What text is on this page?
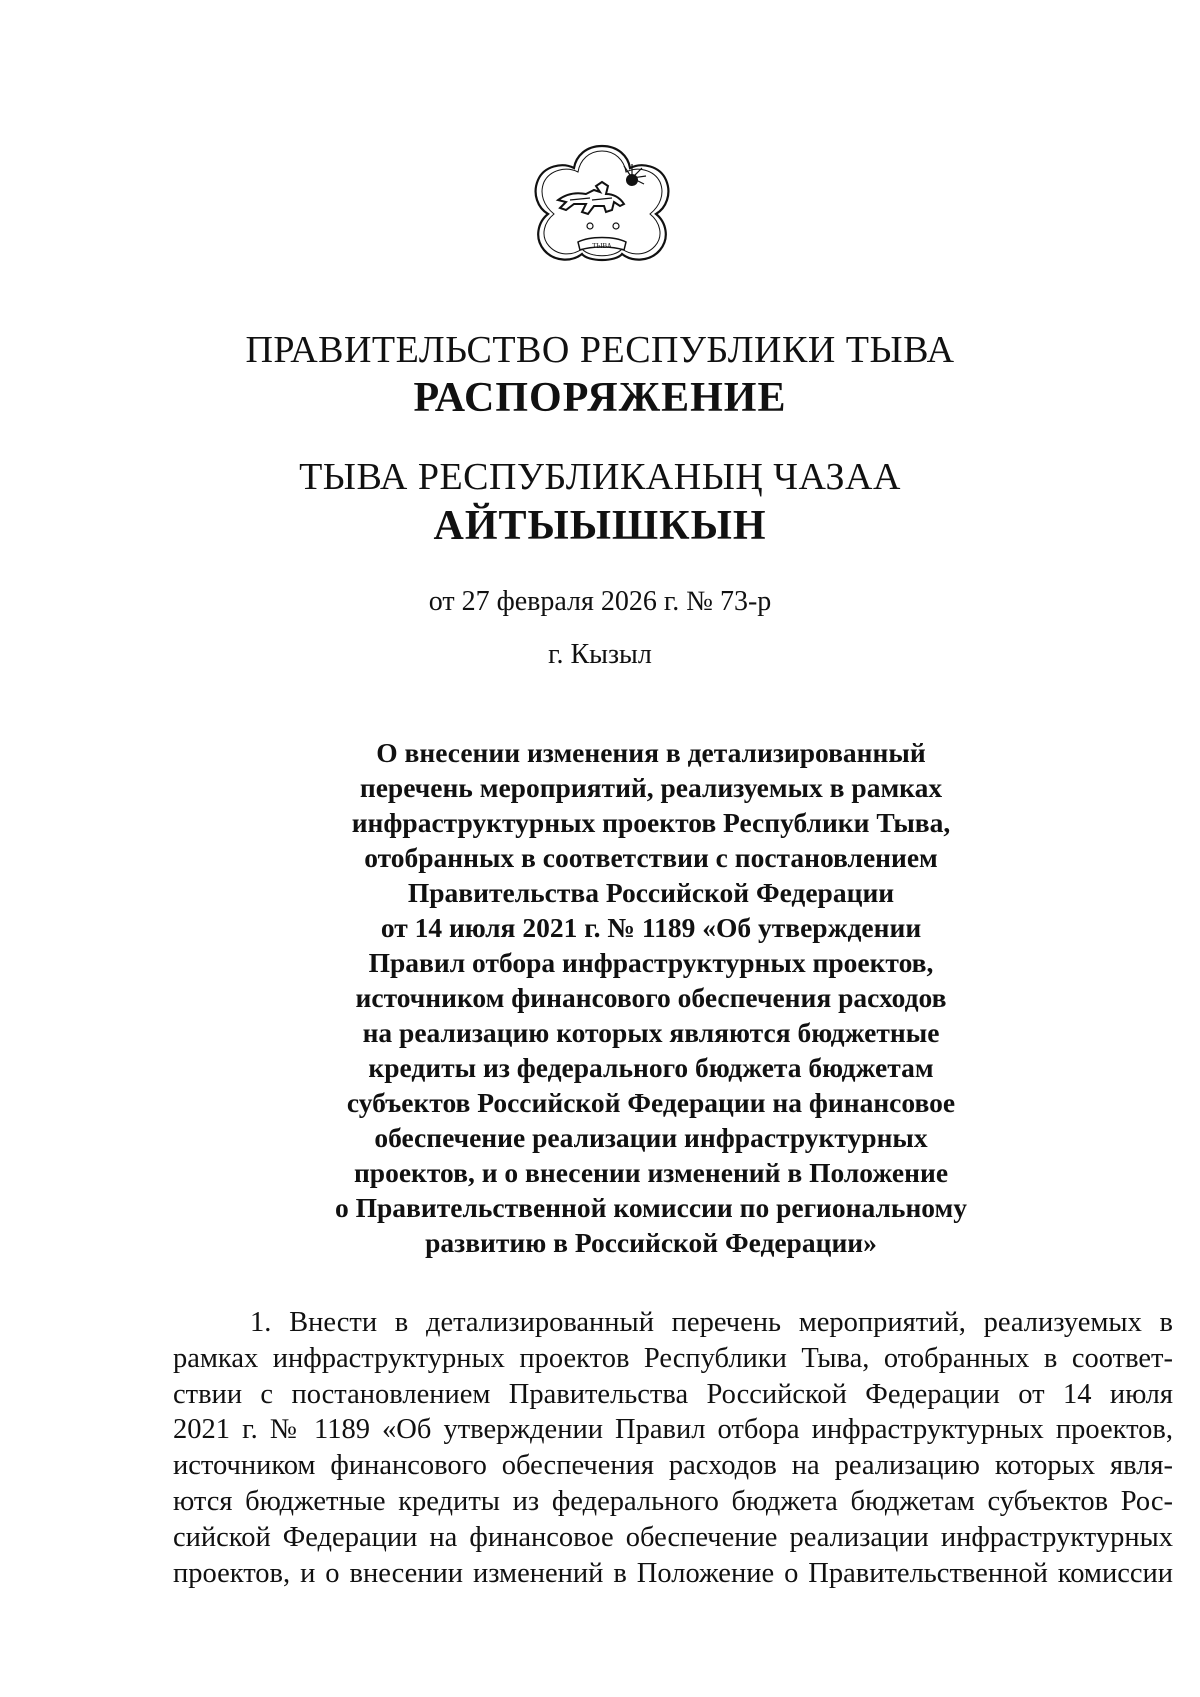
ТЫВА
ПРАВИТЕЛЬСТВО РЕСПУБЛИКИ ТЫВА
РАСПОРЯЖЕНИЕ
ТЫВА РЕСПУБЛИКАНЫҢ ЧАЗАА
АЙТЫЫШКЫН
от 27 февраля 2026 г. № 73-р
г. Кызыл
О внесении изменения в детализированный
перечень мероприятий, реализуемых в рамках
инфраструктурных проектов Республики Тыва,
отобранных в соответствии с постановлением
Правительства Российской Федерации
от 14 июля 2021 г. № 1189 «Об утверждении
Правил отбора инфраструктурных проектов,
источником финансового обеспечения расходов
на реализацию которых являются бюджетные
кредиты из федерального бюджета бюджетам
субъектов Российской Федерации на финансовое
обеспечение реализации инфраструктурных
проектов, и о внесении изменений в Положение
о Правительственной комиссии по региональному
развитию в Российской Федерации»
1. Внести в детализированный перечень мероприятий, реализуемых в
рамках инфраструктурных проектов Республики Тыва, отобранных в соответ-
ствии с постановлением Правительства Российской Федерации от 14 июля
2021 г. № 1189 «Об утверждении Правил отбора инфраструктурных проектов,
источником финансового обеспечения расходов на реализацию которых явля-
ются бюджетные кредиты из федерального бюджета бюджетам субъектов Рос-
сийской Федерации на финансовое обеспечение реализации инфраструктурных
проектов, и о внесении изменений в Положение о Правительственной комиссии
